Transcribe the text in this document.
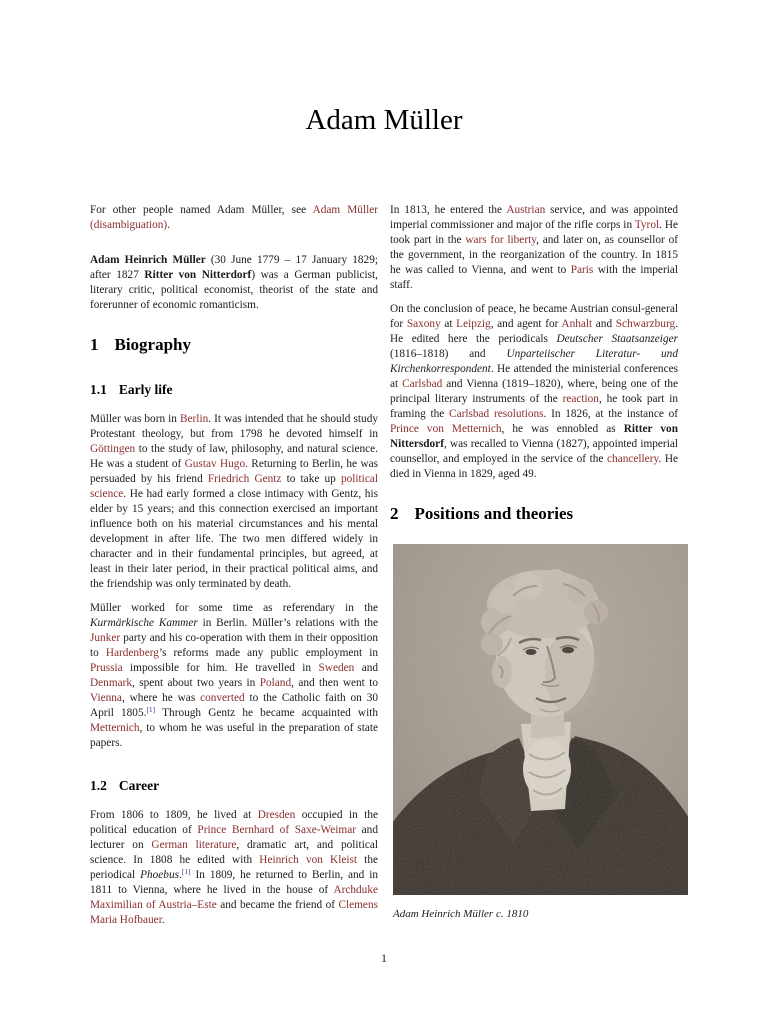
Adam Müller

For other people named Adam Müller, see Adam Müller (disambiguation).

Adam Heinrich Müller (30 June 1779 – 17 January 1829; after 1827 Ritter von Nitterdorf) was a German publicist, literary critic, political economist, theorist of the state and forerunner of economic romanticism.

1 Biography
1.1 Early life

Müller was born in Berlin. It was intended that he should study Protestant theology, but from 1798 he devoted himself in Göttingen to the study of law, philosophy, and natural science. He was a student of Gustav Hugo. Returning to Berlin, he was persuaded by his friend Friedrich Gentz to take up political science. He had early formed a close intimacy with Gentz, his elder by 15 years; and this connection exercised an important influence both on his material circumstances and his mental development in after life. The two men differed widely in character and in their fundamental principles, but agreed, at least in their later period, in their practical political aims, and the friendship was only terminated by death.

Müller worked for some time as referendary in the Kurmärkische Kammer in Berlin. Müller’s relations with the Junker party and his co-operation with them in their opposition to Hardenberg’s reforms made any public employment in Prussia impossible for him. He travelled in Sweden and Denmark, spent about two years in Poland, and then went to Vienna, where he was converted to the Catholic faith on 30 April 1805.[1] Through Gentz he became acquainted with Metternich, to whom he was useful in the preparation of state papers.

1.2 Career

From 1806 to 1809, he lived at Dresden occupied in the political education of Prince Bernhard of Saxe-Weimar and lecturer on German literature, dramatic art, and political science. In 1808 he edited with Heinrich von Kleist the periodical Phoebus.[1] In 1809, he returned to Berlin, and in 1811 to Vienna, where he lived in the house of Archduke Maximilian of Austria–Este and became the friend of Clemens Maria Hofbauer.

In 1813, he entered the Austrian service, and was appointed imperial commissioner and major of the rifle corps in Tyrol. He took part in the wars for liberty, and later on, as counsellor of the government, in the reorganization of the country. In 1815 he was called to Vienna, and went to Paris with the imperial staff.

On the conclusion of peace, he became Austrian consul-general for Saxony at Leipzig, and agent for Anhalt and Schwarzburg. He edited here the periodicals Deutscher Staatsanzeiger (1816–1818) and Unparteiischer Literatur- und Kirchenkorrespondent. He attended the ministerial conferences at Carlsbad and Vienna (1819–1820), where, being one of the principal literary instruments of the reaction, he took part in framing the Carlsbad resolutions. In 1826, at the instance of Prince von Metternich, he was ennobled as Ritter von Nittersdorf, was recalled to Vienna (1827), appointed imperial counsellor, and employed in the service of the chancellery. He died in Vienna in 1829, aged 49.

2 Positions and theories
Adam Heinrich Müller c. 1810
1
